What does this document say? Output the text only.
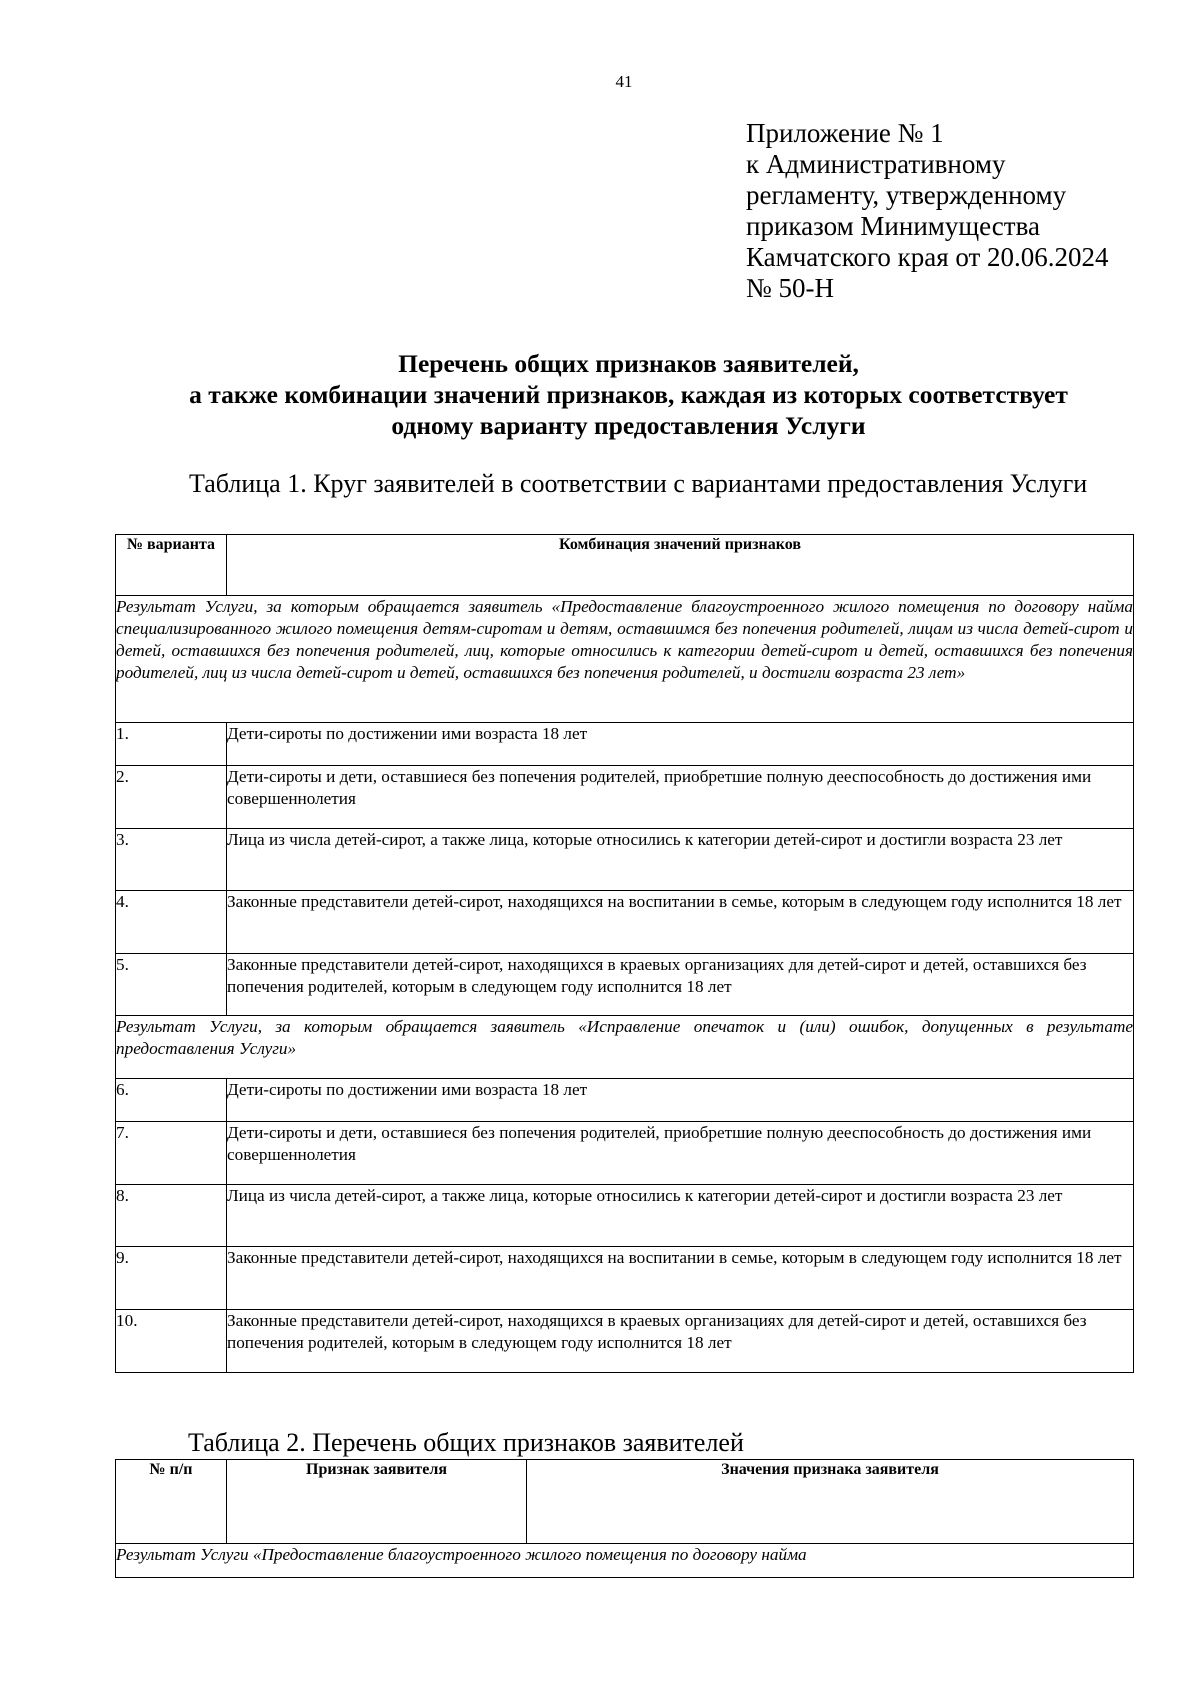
41
Приложение № 1
к Административному
регламенту, утвержденному
приказом Минимущества
Камчатского края от 20.06.2024
№ 50-Н
Перечень общих признаков заявителей,
а также комбинации значений признаков, каждая из которых соответствует
одному варианту предоставления Услуги
Таблица 1. Круг заявителей в соответствии с вариантами предоставления Услуги
№ варианта	Комбинация значений признаков
Результат Услуги, за которым обращается заявитель «Предоставление благоустроенного жилого помещения по договору найма специализированного жилого помещения детям-сиротам и детям, оставшимся без попечения родителей, лицам из числа детей-сирот и детей, оставшихся без попечения родителей, лиц, которые относились к категории детей-сирот и детей, оставшихся без попечения родителей, лиц из числа детей-сирот и детей, оставшихся без попечения родителей, и достигли возраста 23 лет»	
1.	Дети-сироты по достижении ими возраста 18 лет
2.	Дети-сироты и дети, оставшиеся без попечения родителей, приобретшие полную дееспособность до достижения ими совершеннолетия
3.	Лица из числа детей-сирот, а также лица, которые относились к категории детей-сирот и достигли возраста 23 лет
4.	Законные представители детей-сирот, находящихся на воспитании в семье, которым в следующем году исполнится 18 лет
5.	Законные представители детей-сирот, находящихся в краевых организациях для детей-сирот и детей, оставшихся без попечения родителей, которым в следующем году исполнится 18 лет
Результат Услуги, за которым обращается заявитель «Исправление опечаток и (или) ошибок, допущенных в результате предоставления Услуги»	
6.	Дети-сироты по достижении ими возраста 18 лет
7.	Дети-сироты и дети, оставшиеся без попечения родителей, приобретшие полную дееспособность до достижения ими совершеннолетия
8.	Лица из числа детей-сирот, а также лица, которые относились к категории детей-сирот и достигли возраста 23 лет
9.	Законные представители детей-сирот, находящихся на воспитании в семье, которым в следующем году исполнится 18 лет
10.	Законные представители детей-сирот, находящихся в краевых организациях для детей-сирот и детей, оставшихся без попечения родителей, которым в следующем году исполнится 18 лет
Таблица 2. Перечень общих признаков заявителей
№ п/п	Признак заявителя	Значения признака заявителя
Результат Услуги «Предоставление благоустроенного жилого помещения по договору найма
